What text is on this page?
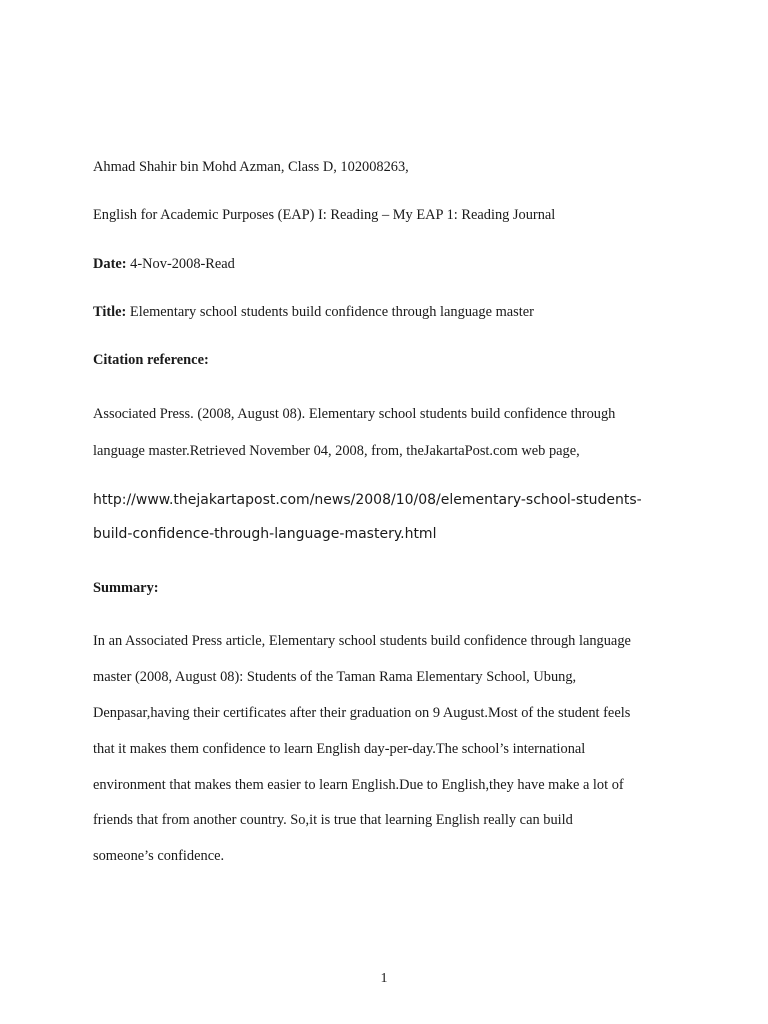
Ahmad Shahir bin Mohd Azman, Class D, 102008263,
English for Academic Purposes (EAP) I: Reading – My EAP 1: Reading Journal
Date: 4-Nov-2008-Read
Title: Elementary school students build confidence through language master
Citation reference:
Associated Press. (2008, August 08). Elementary school students build confidence through
language master.Retrieved November 04, 2008, from, theJakartaPost.com web page,
http://www.thejakartapost.com/news/2008/10/08/elementary-school-students-
build-confidence-through-language-mastery.html
Summary:
In an Associated Press article, Elementary school students build confidence through language
master (2008, August 08): Students of the Taman Rama Elementary School, Ubung,
Denpasar,having their certificates after their graduation on 9 August.Most of the student feels
that it makes them confidence to learn English day-per-day.The school’s international
environment that makes them easier to learn English.Due to English,they have make a lot of
friends that from another country. So,it is true that learning English really can build
someone’s confidence.
1
